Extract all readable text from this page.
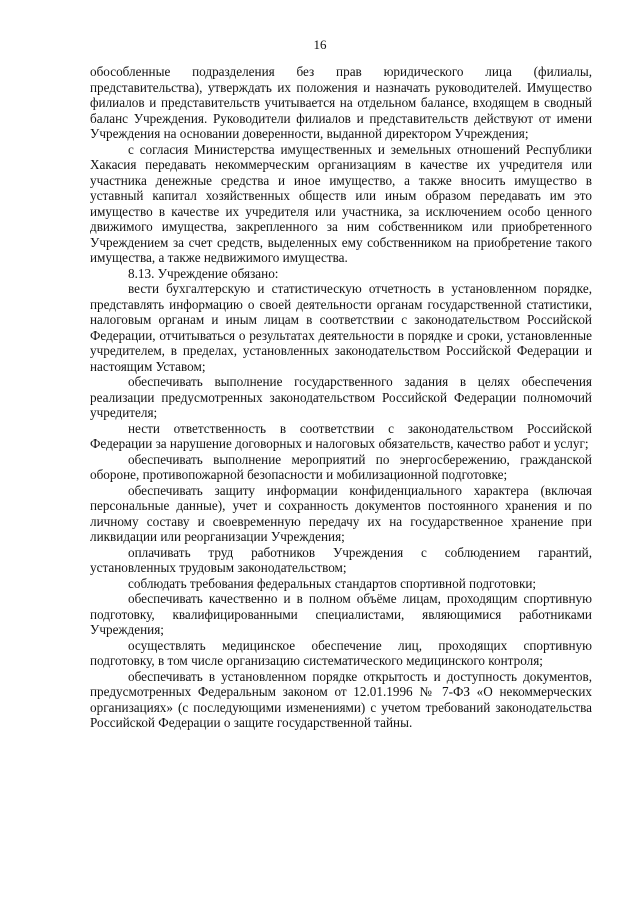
16

обособленные подразделения без прав юридического лица (филиалы, представительства), утверждать их положения и назначать руководителей. Имущество филиалов и представительств учитывается на отдельном балансе, входящем в сводный баланс Учреждения. Руководители филиалов и представительств действуют от имени Учреждения на основании доверенности, выданной директором Учреждения;

с согласия Министерства имущественных и земельных отношений Республики Хакасия передавать некоммерческим организациям в качестве их учредителя или участника денежные средства и иное имущество, а также вносить имущество в уставный капитал хозяйственных обществ или иным образом передавать им это имущество в качестве их учредителя или участника, за исключением особо ценного движимого имущества, закрепленного за ним собственником или приобретенного Учреждением за счет средств, выделенных ему собственником на приобретение такого имущества, а также недвижимого имущества.

8.13. Учреждение обязано:

вести бухгалтерскую и статистическую отчетность в установленном порядке, представлять информацию о своей деятельности органам государственной статистики, налоговым органам и иным лицам в соответствии с законодательством Российской Федерации, отчитываться о результатах деятельности в порядке и сроки, установленные учредителем, в пределах, установленных законодательством Российской Федерации и настоящим Уставом;

обеспечивать выполнение государственного задания в целях обеспечения реализации предусмотренных законодательством Российской Федерации полномочий учредителя;

нести ответственность в соответствии с законодательством Российской Федерации за нарушение договорных и налоговых обязательств, качество работ и услуг;

обеспечивать выполнение мероприятий по энергосбережению, гражданской обороне, противопожарной безопасности и мобилизационной подготовке;

обеспечивать защиту информации конфиденциального характера (включая персональные данные), учет и сохранность документов постоянного хранения и по личному составу и своевременную передачу их на государственное хранение при ликвидации или реорганизации Учреждения;

оплачивать труд работников Учреждения с соблюдением гарантий, установленных трудовым законодательством;

соблюдать требования федеральных стандартов спортивной подготовки;

обеспечивать качественно и в полном объёме лицам, проходящим спортивную подготовку, квалифицированными специалистами, являющимися работниками Учреждения;

осуществлять медицинское обеспечение лиц, проходящих спортивную подготовку, в том числе организацию систематического медицинского контроля;

обеспечивать в установленном порядке открытость и доступность документов, предусмотренных Федеральным законом от 12.01.1996 № 7-ФЗ «О некоммерческих организациях» (с последующими изменениями) с учетом требований законодательства Российской Федерации о защите государственной тайны.
